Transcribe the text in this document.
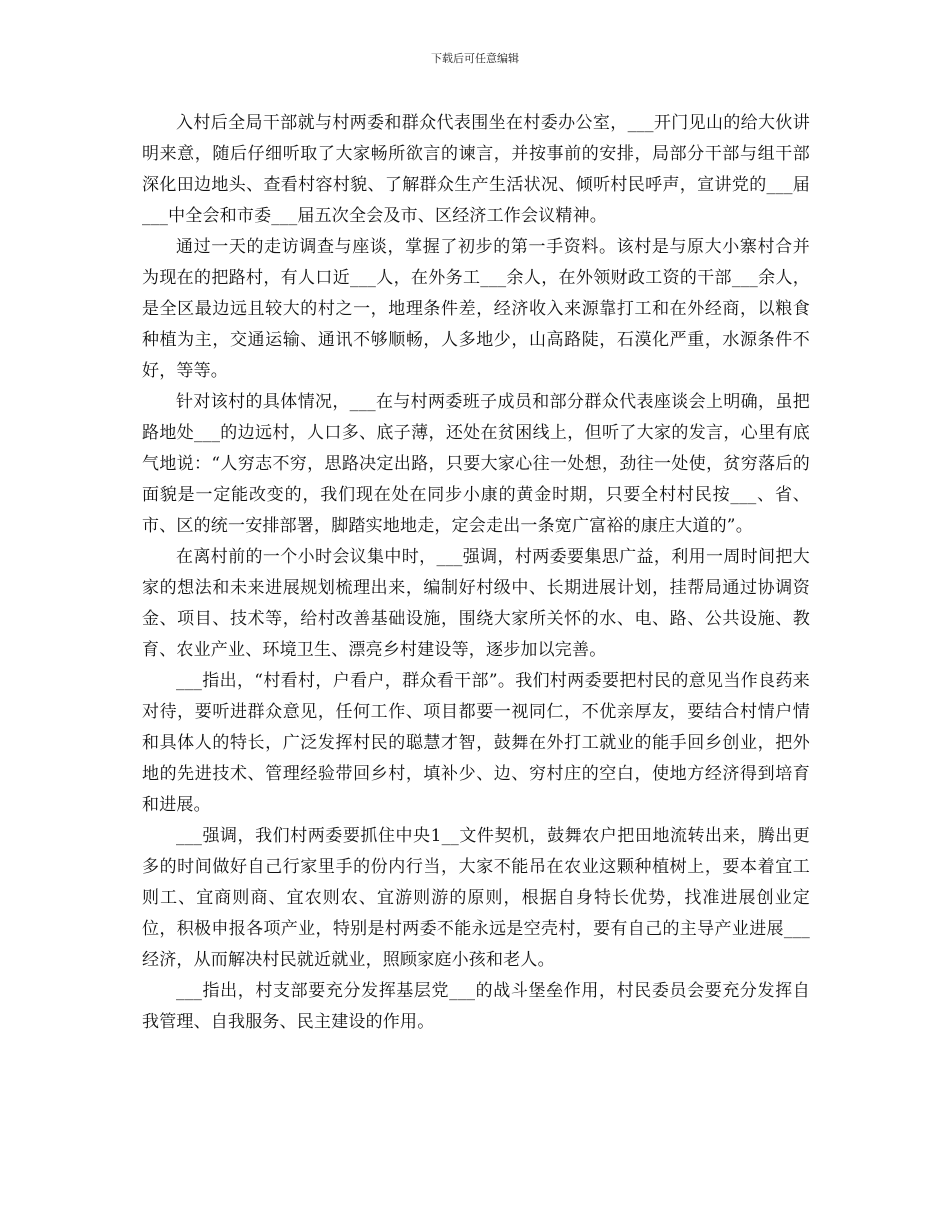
下载后可任意编辑

入村后全局干部就与村两委和群众代表围坐在村委办公室，___开门见山的给大伙讲明来意，随后仔细听取了大家畅所欲言的谏言，并按事前的安排，局部分干部与组干部深化田边地头、查看村容村貌、了解群众生产生活状况、倾听村民呼声，宣讲党的___届___中全会和市委___届五次全会及市、区经济工作会议精神。

通过一天的走访调查与座谈，掌握了初步的第一手资料。该村是与原大小寨村合并为现在的把路村，有人口近___人，在外务工___余人，在外领财政工资的干部___余人，是全区最边远且较大的村之一，地理条件差，经济收入来源靠打工和在外经商，以粮食种植为主，交通运输、通讯不够顺畅，人多地少，山高路陡，石漠化严重，水源条件不好，等等。

针对该村的具体情况，___在与村两委班子成员和部分群众代表座谈会上明确，虽把路地处___的边远村，人口多、底子薄，还处在贫困线上，但听了大家的发言，心里有底气地说：“人穷志不穷，思路决定出路，只要大家心往一处想，劲往一处使，贫穷落后的面貌是一定能改变的，我们现在处在同步小康的黄金时期，只要全村村民按___、省、市、区的统一安排部署，脚踏实地地走，定会走出一条宽广富裕的康庄大道的”。

在离村前的一个小时会议集中时，___强调，村两委要集思广益，利用一周时间把大家的想法和未来进展规划梳理出来，编制好村级中、长期进展计划，挂帮局通过协调资金、项目、技术等，给村改善基础设施，围绕大家所关怀的水、电、路、公共设施、教育、农业产业、环境卫生、漂亮乡村建设等，逐步加以完善。

___指出，“村看村，户看户，群众看干部”。我们村两委要把村民的意见当作良药来对待，要听进群众意见，任何工作、项目都要一视同仁，不优亲厚友，要结合村情户情和具体人的特长，广泛发挥村民的聪慧才智，鼓舞在外打工就业的能手回乡创业，把外地的先进技术、管理经验带回乡村，填补少、边、穷村庄的空白，使地方经济得到培育和进展。

___强调，我们村两委要抓住中央1__文件契机，鼓舞农户把田地流转出来，腾出更多的时间做好自己行家里手的份内行当，大家不能吊在农业这颗种植树上，要本着宜工则工、宜商则商、宜农则农、宜游则游的原则，根据自身特长优势，找准进展创业定位，积极申报各项产业，特别是村两委不能永远是空壳村，要有自己的主导产业进展___经济，从而解决村民就近就业，照顾家庭小孩和老人。

___指出，村支部要充分发挥基层党___的战斗堡垒作用，村民委员会要充分发挥自我管理、自我服务、民主建设的作用。
